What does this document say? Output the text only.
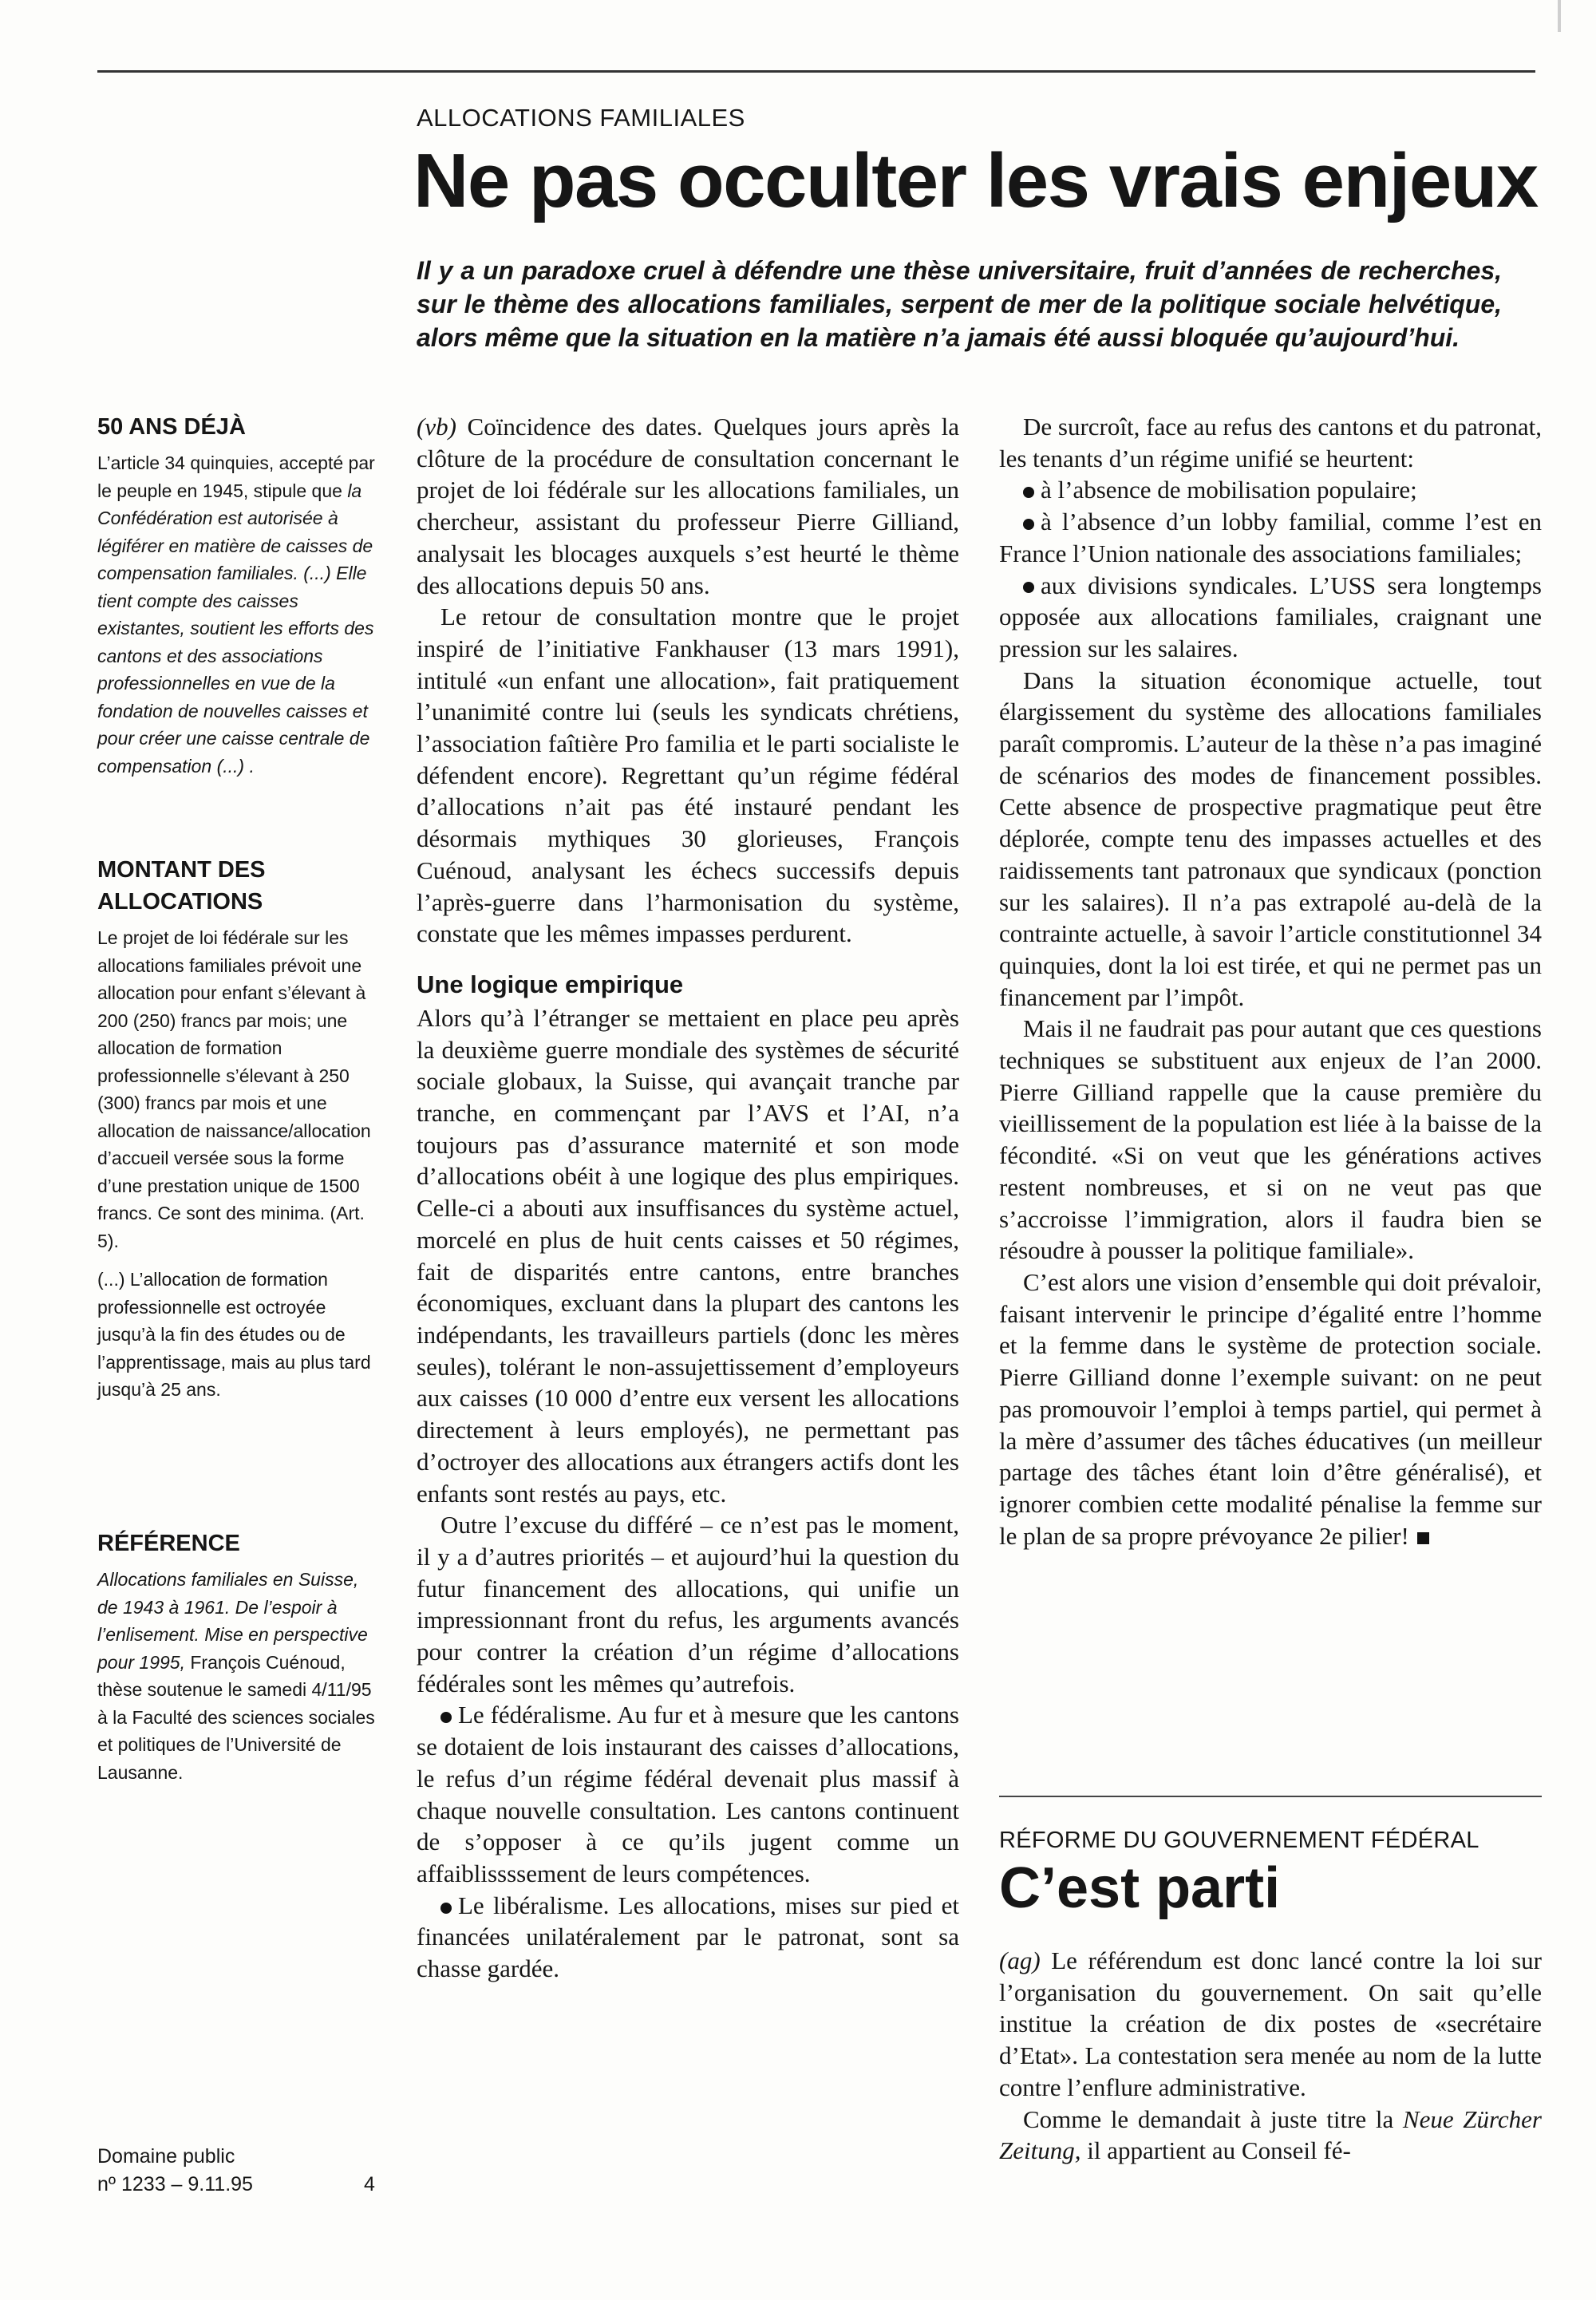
ALLOCATIONS FAMILIALES
Ne pas occulter les vrais enjeux

Il y a un paradoxe cruel à défendre une thèse universitaire, fruit d’années de recherches, sur le thème des allocations familiales, serpent de mer de la politique sociale helvétique, alors même que la situation en la matière n’a jamais été aussi bloquée qu’aujourd’hui.

50 ANS DÉJÀ

L’article 34 quinquies, accepté par le peuple en 1945, stipule que la Confédération est autorisée à légiférer en matière de caisses de compensation familiales. (...) Elle tient compte des caisses existantes, soutient les efforts des cantons et des associations professionnelles en vue de la fondation de nouvelles caisses et pour créer une caisse centrale de compensation (...) .

MONTANT DES
ALLOCATIONS

Le projet de loi fédérale sur les allocations familiales prévoit une allocation pour enfant s’élevant à 200 (250) francs par mois; une allocation de formation professionnelle s’élevant à 250 (300) francs par mois et une allocation de naissance/allocation d’accueil versée sous la forme d’une prestation unique de 1500 francs. Ce sont des minima. (Art. 5).

(...) L’allocation de formation professionnelle est octroyée jusqu’à la fin des études ou de l’apprentissage, mais au plus tard jusqu’à 25 ans.

RÉFÉRENCE

Allocations familiales en Suisse, de 1943 à 1961. De l’espoir à l’enlisement. Mise en perspective pour 1995, François Cuénoud, thèse soutenue le samedi 4/11/95 à la Faculté des sciences sociales et politiques de l’Université de Lausanne.

Domaine public
nº 1233 – 9.11.95	4

(vb) Coïncidence des dates. Quelques jours après la clôture de la procédure de consultation concernant le projet de loi fédérale sur les allocations familiales, un chercheur, assistant du professeur Pierre Gilliand, analysait les blocages auxquels s’est heurté le thème des allocations depuis 50 ans.

Le retour de consultation montre que le projet inspiré de l’initiative Fankhauser (13 mars 1991), intitulé «un enfant une allocation», fait pratiquement l’unanimité contre lui (seuls les syndicats chrétiens, l’association faîtière Pro familia et le parti socialiste le défendent encore). Regrettant qu’un régime fédéral d’allocations n’ait pas été instauré pendant les désormais mythiques 30 glorieuses, François Cuénoud, analysant les échecs successifs depuis l’après-guerre dans l’harmonisation du système, constate que les mêmes impasses perdurent.

Une logique empirique

Alors qu’à l’étranger se mettaient en place peu après la deuxième guerre mondiale des systèmes de sécurité sociale globaux, la Suisse, qui avançait tranche par tranche, en commençant par l’AVS et l’AI, n’a toujours pas d’assurance maternité et son mode d’allocations obéit à une logique des plus empiriques. Celle-ci a abouti aux insuffisances du système actuel, morcelé en plus de huit cents caisses et 50 régimes, fait de disparités entre cantons, entre branches économiques, excluant dans la plupart des cantons les indépendants, les travailleurs partiels (donc les mères seules), tolérant le non-assujettissement d’employeurs aux caisses (10 000 d’entre eux versent les allocations directement à leurs employés), ne permettant pas d’octroyer des allocations aux étrangers actifs dont les enfants sont restés au pays, etc.

Outre l’excuse du différé – ce n’est pas le moment, il y a d’autres priorités – et aujourd’hui la question du futur financement des allocations, qui unifie un impressionnant front du refus, les arguments avancés pour contrer la création d’un régime d’allocations fédérales sont les mêmes qu’autrefois.

Le fédéralisme. Au fur et à mesure que les cantons se dotaient de lois instaurant des caisses d’allocations, le refus d’un régime fédéral devenait plus massif à chaque nouvelle consultation. Les cantons continuent de s’opposer à ce qu’ils jugent comme un affaiblissssement de leurs compétences.

Le libéralisme. Les allocations, mises sur pied et financées unilatéralement par le patronat, sont sa chasse gardée.

De surcroît, face au refus des cantons et du patronat, les tenants d’un régime unifié se heurtent:

à l’absence de mobilisation populaire;

à l’absence d’un lobby familial, comme l’est en France l’Union nationale des associations familiales;

aux divisions syndicales. L’USS sera longtemps opposée aux allocations familiales, craignant une pression sur les salaires.

Dans la situation économique actuelle, tout élargissement du système des allocations familiales paraît compromis. L’auteur de la thèse n’a pas imaginé de scénarios des modes de financement possibles. Cette absence de prospective pragmatique peut être déplorée, compte tenu des impasses actuelles et des raidissements tant patronaux que syndicaux (ponction sur les salaires). Il n’a pas extrapolé au-delà de la contrainte actuelle, à savoir l’article constitutionnel 34 quinquies, dont la loi est tirée, et qui ne permet pas un financement par l’impôt.

Mais il ne faudrait pas pour autant que ces questions techniques se substituent aux enjeux de l’an 2000. Pierre Gilliand rappelle que la cause première du vieillissement de la population est liée à la baisse de la fécondité. «Si on veut que les générations actives restent nombreuses, et si on ne veut pas que s’accroisse l’immigration, alors il faudra bien se résoudre à pousser la politique familiale».

C’est alors une vision d’ensemble qui doit prévaloir, faisant intervenir le principe d’égalité entre l’homme et la femme dans le système de protection sociale. Pierre Gilliand donne l’exemple suivant: on ne peut pas promouvoir l’emploi à temps partiel, qui permet à la mère d’assumer des tâches éducatives (un meilleur partage des tâches étant loin d’être généralisé), et ignorer combien cette modalité pénalise la femme sur le plan de sa propre prévoyance 2e pilier!

RÉFORME DU GOUVERNEMENT FÉDÉRAL
C’est parti

(ag) Le référendum est donc lancé contre la loi sur l’organisation du gouvernement. On sait qu’elle institue la création de dix postes de «secrétaire d’Etat». La contestation sera menée au nom de la lutte contre l’enflure administrative.

Comme le demandait à juste titre la Neue Zürcher Zeitung, il appartient au Conseil fé-
